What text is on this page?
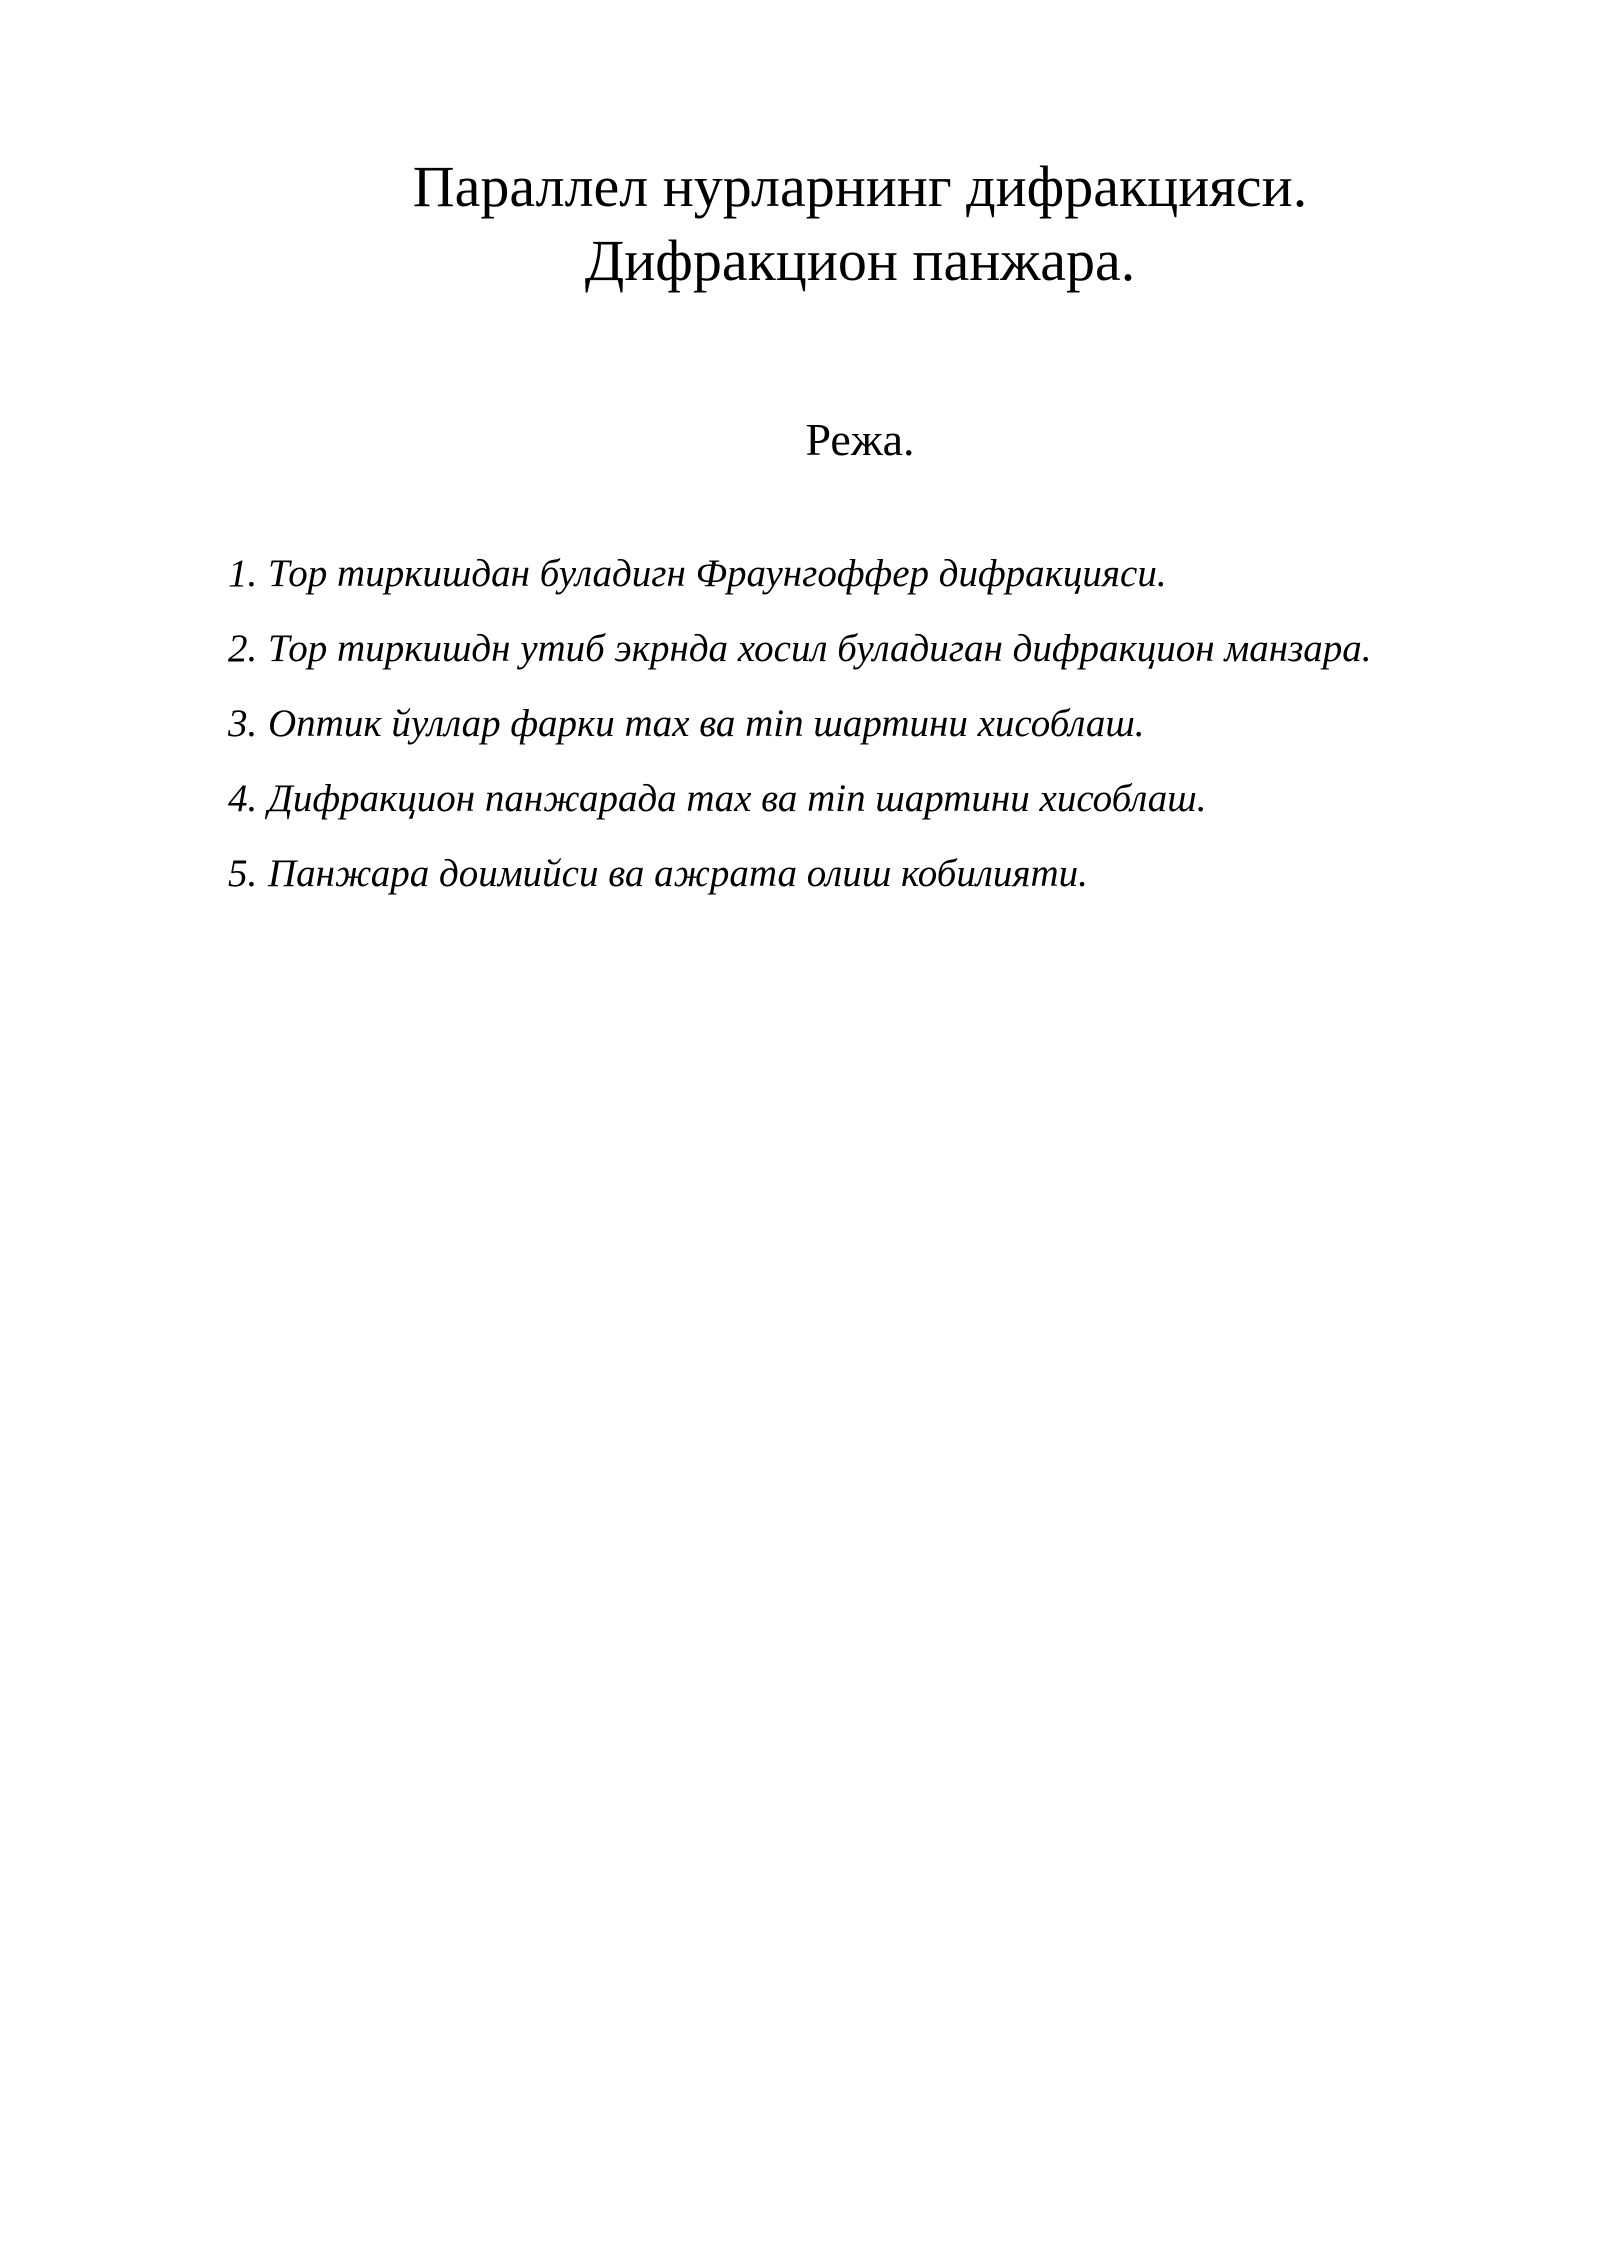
Параллел нурларнинг дифракцияси.
Дифракцион панжара.
Режа.
1. Тор тиркишдан буладигн Фраунгоффер дифракцияси.
2. Тор тиркишдн утиб экрнда хосил буладиган дифракцион манзара.
3. Оптик йуллар фарки max ва min шартини хисоблаш.
4. Дифракцион панжарада max ва min шартини хисоблаш.
5. Панжара доимийси ва ажрата олиш кобилияти.
